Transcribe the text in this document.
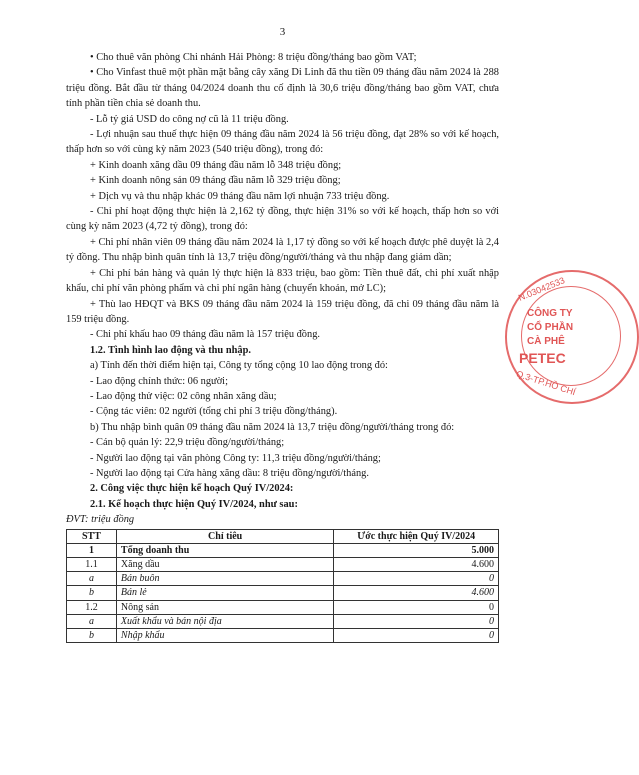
3

• Cho thuê văn phòng Chi nhánh Hải Phòng: 8 triệu đồng/tháng bao gồm VAT;

• Cho Vinfast thuê một phần mặt bằng cây xăng Di Linh đã thu tiền 09 tháng đầu năm 2024 là 288 triệu đồng. Bắt đầu từ tháng 04/2024 doanh thu cố định là 30,6 triệu đồng/tháng bao gồm VAT, chưa tính phần tiền chia sẻ doanh thu.

- Lỗ tỷ giá USD do công nợ cũ là 11 triệu đồng.

- Lợi nhuận sau thuế thực hiện 09 tháng đầu năm 2024 là 56 triệu đồng, đạt 28% so với kế hoạch, thấp hơn so với cùng kỳ năm 2023 (540 triệu đồng), trong đó:

+ Kinh doanh xăng dầu 09 tháng đầu năm lỗ 348 triệu đồng;

+ Kinh doanh nông sản 09 tháng đầu năm lỗ 329 triệu đồng;

+ Dịch vụ và thu nhập khác 09 tháng đầu năm lợi nhuận 733 triệu đồng.

- Chi phí hoạt động thực hiện là 2,162 tỷ đồng, thực hiện 31% so với kế hoạch, thấp hơn so với cùng kỳ năm 2023 (4,72 tỷ đồng), trong đó:

+ Chi phí nhân viên 09 tháng đầu năm 2024 là 1,17 tỷ đồng so với kế hoạch được phê duyệt là 2,4 tỷ đồng. Thu nhập bình quân tính là 13,7 triệu đồng/người/tháng và thu nhập đang giảm dần;

+ Chi phí bán hàng và quản lý thực hiện là 833 triệu, bao gồm: Tiền thuê đất, chi phí xuất nhập khẩu, chi phí văn phòng phẩm và chi phí ngân hàng (chuyển khoản, mở LC);

+ Thù lao HĐQT và BKS 09 tháng đầu năm 2024 là 159 triệu đồng, đã chi 09 tháng đầu năm là 159 triệu đồng.

- Chi phí khấu hao 09 tháng đầu năm là 157 triệu đồng.

1.2. Tình hình lao động và thu nhập.

a) Tính đến thời điểm hiện tại, Công ty tổng cộng 10 lao động trong đó:

- Lao động chính thức: 06 người;

- Lao động thử việc: 02 công nhân xăng dầu;

- Cộng tác viên: 02 người (tổng chi phí 3 triệu đồng/tháng).

b) Thu nhập bình quân 09 tháng đầu năm 2024 là 13,7 triệu đồng/người/tháng trong đó:

- Cán bộ quản lý: 22,9 triệu đồng/người/tháng;

- Người lao động tại văn phòng Công ty: 11,3 triệu đồng/người/tháng;

- Người lao động tại Cửa hàng xăng dầu: 8 triệu đồng/người/tháng.

2. Công việc thực hiện kế hoạch Quý IV/2024:

2.1. Kế hoạch thực hiện Quý IV/2024, như sau:

ĐVT: triệu đồng

STT	Chỉ tiêu	Ước thực hiện Quý IV/2024
1	Tổng doanh thu	5.000
1.1	Xăng dầu	4.600
a	Bán buôn	0
b	Bán lẻ	4.600
1.2	Nông sản	0
a	Xuất khẩu và bán nội địa	0
b	Nhập khẩu	0
N.03042533
CÔNG TY
CỔ PHẦN
CÀ PHÊ
PETEC
Q.3-TP.HỒ CHÍ
